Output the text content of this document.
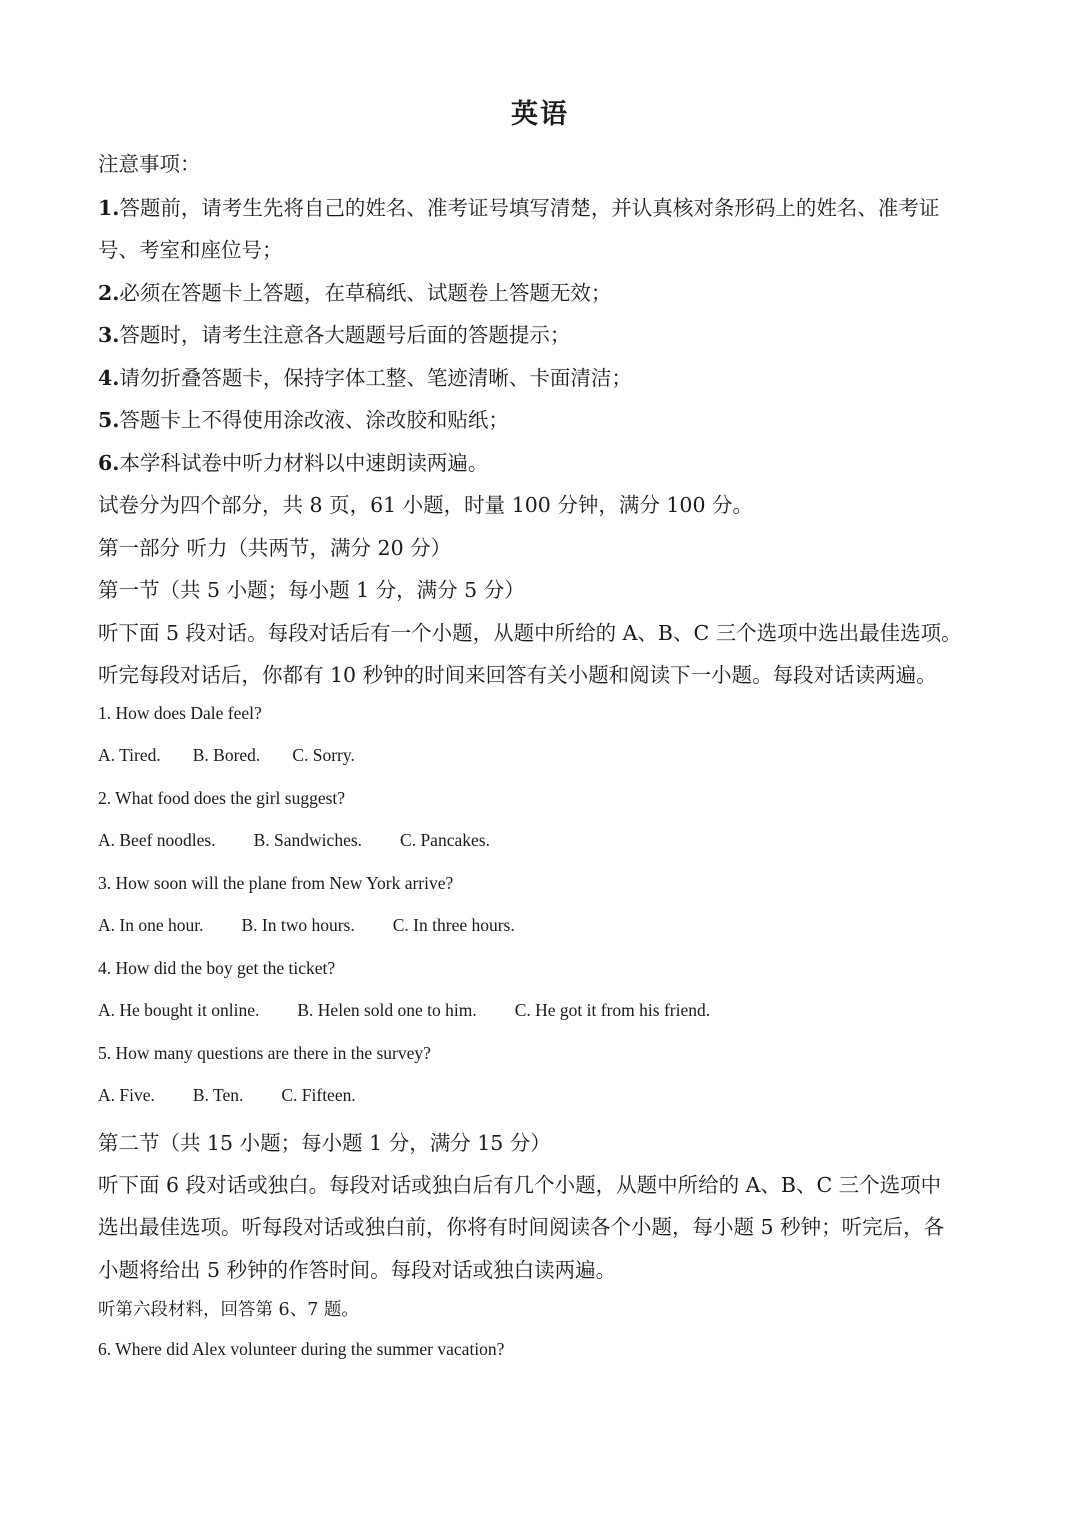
英语
注意事项：
1.答题前，请考生先将自己的姓名、准考证号填写清楚，并认真核对条形码上的姓名、准考证
号、考室和座位号；
2.必须在答题卡上答题，在草稿纸、试题卷上答题无效；
3.答题时，请考生注意各大题题号后面的答题提示；
4.请勿折叠答题卡，保持字体工整、笔迹清晰、卡面清洁；
5.答题卡上不得使用涂改液、涂改胶和贴纸；
6.本学科试卷中听力材料以中速朗读两遍。
试卷分为四个部分，共 8 页，61 小题，时量 100 分钟，满分 100 分。
第一部分 听力（共两节，满分 20 分）
第一节（共 5 小题；每小题 1 分，满分 5 分）
听下面 5 段对话。每段对话后有一个小题，从题中所给的 A、B、C 三个选项中选出最佳选项。
听完每段对话后，你都有 10 秒钟的时间来回答有关小题和阅读下一小题。每段对话读两遍。
1. How does Dale feel?
A. Tired. B. Bored. C. Sorry.
2. What food does the girl suggest?
A. Beef noodles. B. Sandwiches. C. Pancakes.
3. How soon will the plane from New York arrive?
A. In one hour. B. In two hours. C. In three hours.
4. How did the boy get the ticket?
A. He bought it online. B. Helen sold one to him. C. He got it from his friend.
5. How many questions are there in the survey?
A. Five. B. Ten. C. Fifteen.
第二节（共 15 小题；每小题 1 分，满分 15 分）
听下面 6 段对话或独白。每段对话或独白后有几个小题，从题中所给的 A、B、C 三个选项中
选出最佳选项。听每段对话或独白前，你将有时间阅读各个小题，每小题 5 秒钟；听完后，各
小题将给出 5 秒钟的作答时间。每段对话或独白读两遍。
听第六段材料，回答第 6、7 题。
6. Where did Alex volunteer during the summer vacation?
